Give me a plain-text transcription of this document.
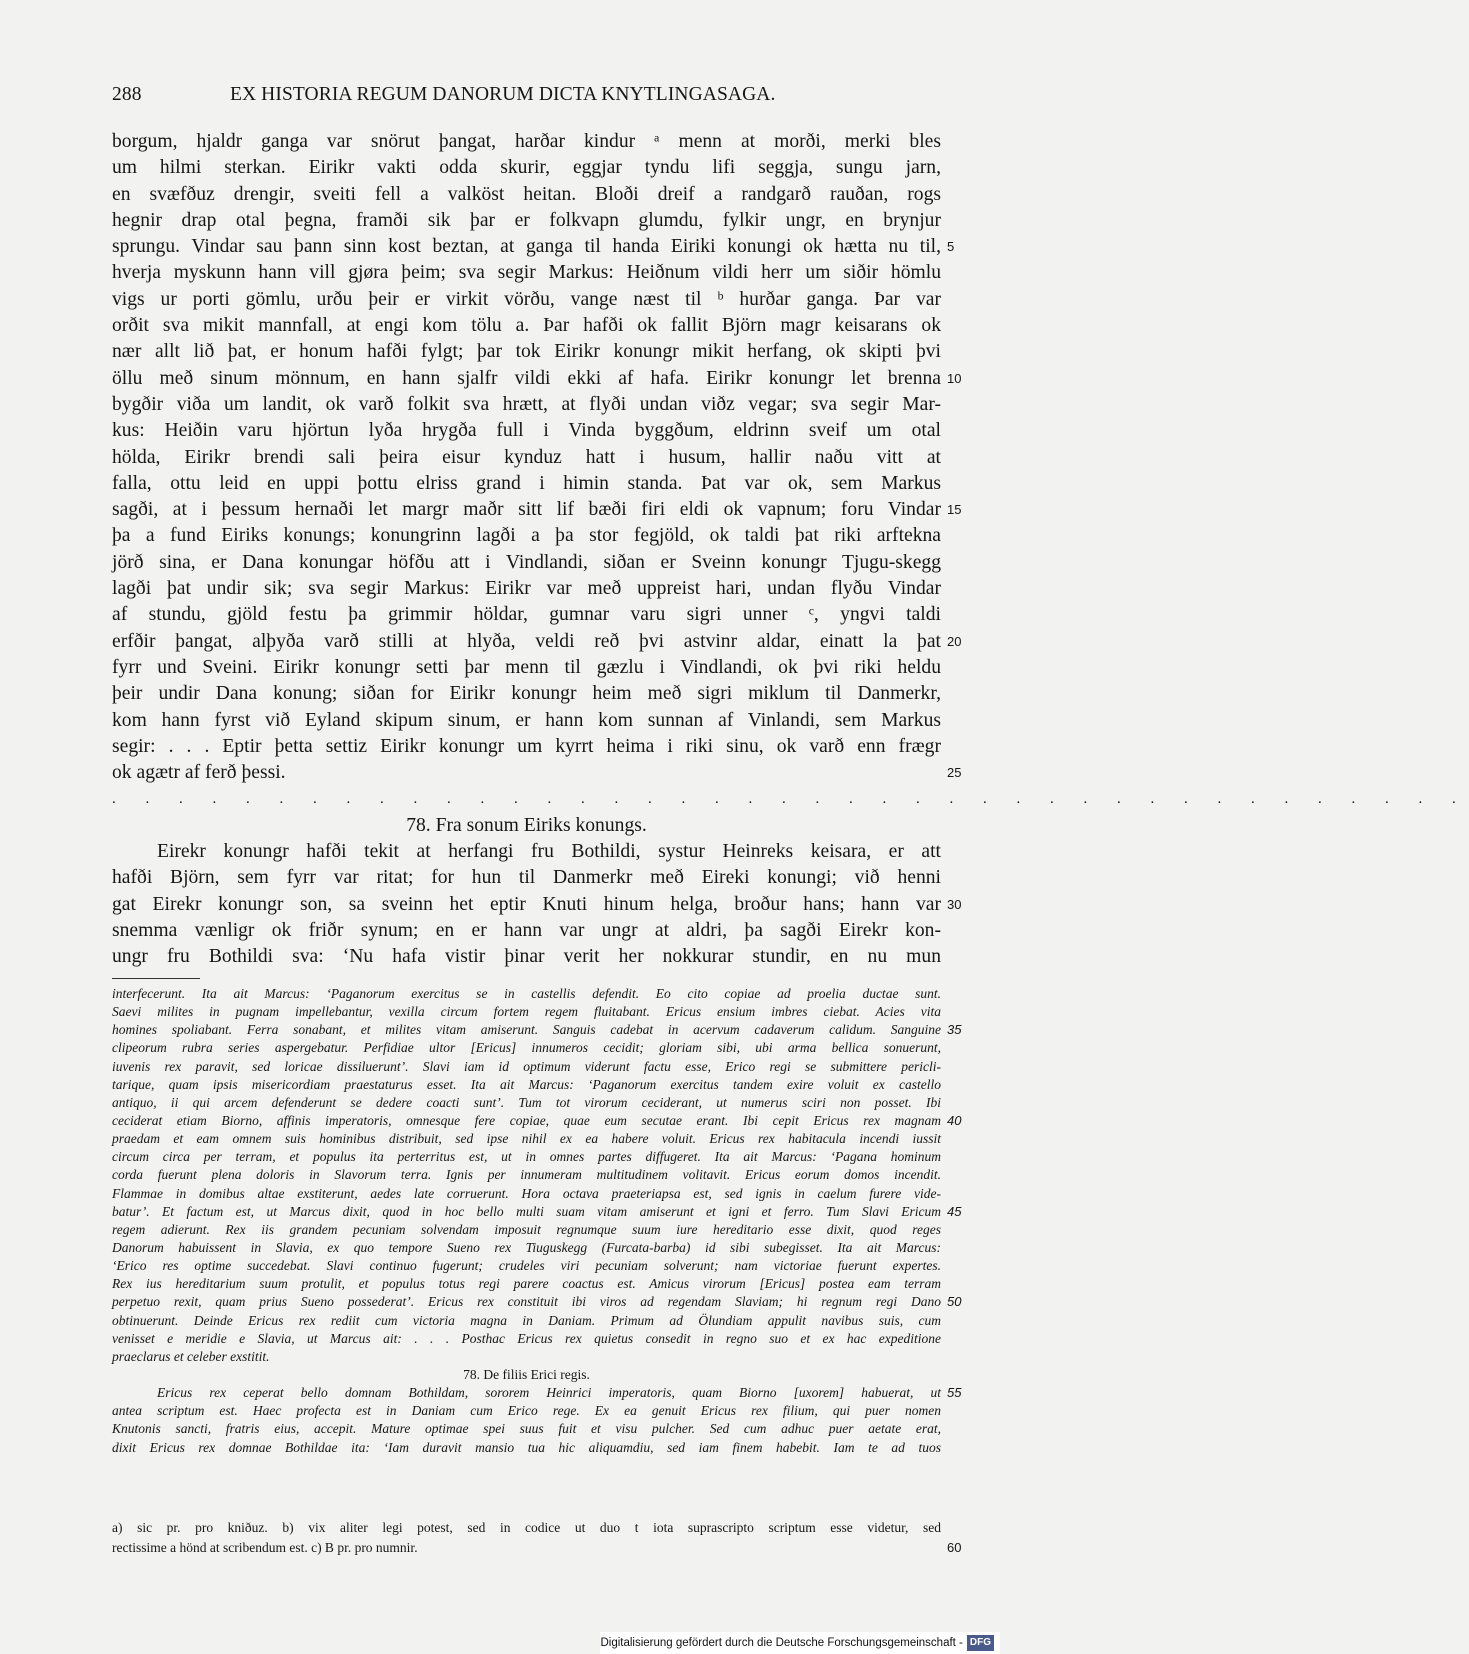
288	EX HISTORIA REGUM DANORUM DICTA KNYTLINGASAGA.
borgum, hjaldr ganga var snörut þangat, harðar kindur ᵃ menn at morði, merki bles
um hilmi sterkan. Eirikr vakti odda skurir, eggjar tyndu lifi seggja, sungu jarn,
en svæfðuz drengir, sveiti fell a valköst heitan. Bloði dreif a randgarð rauðan, rogs
hegnir drap otal þegna, framði sik þar er folkvapn glumdu, fylkir ungr, en brynjur
sprungu. Vindar sau þann sinn kost beztan, at ganga til handa Eiriki konungi ok hætta nu til, 5
hverja myskunn hann vill gjøra þeim; sva segir Markus: Heiðnum vildi herr um siðir hömlu
vigs ur porti gömlu, urðu þeir er virkit vörðu, vange næst til ᵇ hurðar ganga. Þar var
orðit sva mikit mannfall, at engi kom tölu a. Þar hafði ok fallit Björn magr keisarans ok
nær allt lið þat, er honum hafði fylgt; þar tok Eirikr konungr mikit herfang, ok skipti þvi
öllu með sinum mönnum, en hann sjalfr vildi ekki af hafa. Eirikr konungr let brenna 10
bygðir viða um landit, ok varð folkit sva hrætt, at flyði undan viðz vegar; sva segir Mar-
kus: Heiðin varu hjörtun lyða hrygða full i Vinda byggðum, eldrinn sveif um otal
hölda, Eirikr brendi sali þeira eisur kynduz hatt i husum, hallir naðu vitt at
falla, ottu leid en uppi þottu elriss grand i himin standa. Þat var ok, sem Markus
sagði, at i þessum hernaði let margr maðr sitt lif bæði firi eldi ok vapnum; foru Vindar 15
þa a fund Eiriks konungs; konungrinn lagði a þa stor fegjöld, ok taldi þat riki arftekna
jörð sina, er Dana konungar höfðu att i Vindlandi, siðan er Sveinn konungr Tjugu-skegg
lagði þat undir sik; sva segir Markus: Eirikr var með uppreist hari, undan flyðu Vindar
af stundu, gjöld festu þa grimmir höldar, gumnar varu sigri unner ᶜ, yngvi taldi
erfðir þangat, alþyða varð stilli at hlyða, veldi reð þvi astvinr aldar, einatt la þat 20
fyrr und Sveini. Eirikr konungr setti þar menn til gæzlu i Vindlandi, ok þvi riki heldu
þeir undir Dana konung; siðan for Eirikr konungr heim með sigri miklum til Danmerkr,
kom hann fyrst við Eyland skipum sinum, er hann kom sunnan af Vinlandi, sem Markus
segir: . . . Eptir þetta settiz Eirikr konungr um kyrrt heima i riki sinu, ok varð enn frægr
ok agætr af ferð þessi.	25
. . . . . . . . . . . . . . . . . . . . . . . . . . . . . . . . . . . . . . . . .
78. Fra sonum Eiriks konungs.
Eirekr konungr hafði tekit at herfangi fru Bothildi, systur Heinreks keisara, er att
hafði Björn, sem fyrr var ritat; for hun til Danmerkr með Eireki konungi; við henni
gat Eirekr konungr son, sa sveinn het eptir Knuti hinum helga, broður hans; hann var 30
snemma vænligr ok friðr synum; en er hann var ungr at aldri, þa sagði Eirekr kon-
ungr fru Bothildi sva: ‘Nu hafa vistir þinar verit her nokkurar stundir, en nu mun
interfecerunt. Ita ait Marcus: ‘Paganorum exercitus se in castellis defendit. Eo cito copiae ad proelia ductae sunt.
Saevi milites in pugnam impellebantur, vexilla circum fortem regem fluitabant. Ericus ensium imbres ciebat. Acies vita
homines spoliabant. Ferra sonabant, et milites vitam amiserunt. Sanguis cadebat in acervum cadaverum calidum. Sanguine 35
clipeorum rubra series aspergebatur. Perfidiae ultor [Ericus] innumeros cecidit; gloriam sibi, ubi arma bellica sonuerunt,
iuvenis rex paravit, sed loricae dissiluerunt’. Slavi iam id optimum viderunt factu esse, Erico regi se submittere pericli-
tarique, quam ipsis misericordiam praestaturus esset. Ita ait Marcus: ‘Paganorum exercitus tandem exire voluit ex castello
antiquo, ii qui arcem defenderunt se dedere coacti sunt’. Tum tot virorum ceciderant, ut numerus sciri non posset. Ibi
ceciderat etiam Biorno, affinis imperatoris, omnesque fere copiae, quae eum secutae erant. Ibi cepit Ericus rex magnam 40
praedam et eam omnem suis hominibus distribuit, sed ipse nihil ex ea habere voluit. Ericus rex habitacula incendi iussit
circum circa per terram, et populus ita perterritus est, ut in omnes partes diffugeret. Ita ait Marcus: ‘Pagana hominum
corda fuerunt plena doloris in Slavorum terra. Ignis per innumeram multitudinem volitavit. Ericus eorum domos incendit.
Flammae in domibus altae exstiterunt, aedes late corruerunt. Hora octava praeteriapsa est, sed ignis in caelum furere vide-
batur’. Et factum est, ut Marcus dixit, quod in hoc bello multi suam vitam amiserunt et igni et ferro. Tum Slavi Ericum 45
regem adierunt. Rex iis grandem pecuniam solvendam imposuit regnumque suum iure hereditario esse dixit, quod reges
Danorum habuissent in Slavia, ex quo tempore Sueno rex Tiuguskegg (Furcata-barba) id sibi subegisset. Ita ait Marcus:
‘Erico res optime succedebat. Slavi continuo fugerunt; crudeles viri pecuniam solverunt; nam victoriae fuerunt expertes.
Rex ius hereditarium suum protulit, et populus totus regi parere coactus est. Amicus virorum [Ericus] postea eam terram
perpetuo rexit, quam prius Sueno possederat’. Ericus rex constituit ibi viros ad regendam Slaviam; hi regnum regi Dano 50
obtinuerunt. Deinde Ericus rex rediit cum victoria magna in Daniam. Primum ad Ölundiam appulit navibus suis, cum
venisset e meridie e Slavia, ut Marcus ait: . . . Posthac Ericus rex quietus consedit in regno suo et ex hac expeditione
praeclarus et celeber exstitit.
78. De filiis Erici regis.
Ericus rex ceperat bello domnam Bothildam, sororem Heinrici imperatoris, quam Biorno [uxorem] habuerat, ut 55
antea scriptum est. Haec profecta est in Daniam cum Erico rege. Ex ea genuit Ericus rex filium, qui puer nomen
Knutonis sancti, fratris eius, accepit. Mature optimae spei suus fuit et visu pulcher. Sed cum adhuc puer aetate erat,
dixit Ericus rex domnae Bothildae ita: ‘Iam duravit mansio tua hic aliquamdiu, sed iam finem habebit. Iam te ad tuos
a) sic pr. pro kniðuz. b) vix aliter legi potest, sed in codice ut duo t iota suprascripto scriptum esse videtur, sed
rectissime a hönd at scribendum est. c) B pr. pro numnir.	60
Digitalisierung gefördert durch die Deutsche Forschungsgemeinschaft - DFG
